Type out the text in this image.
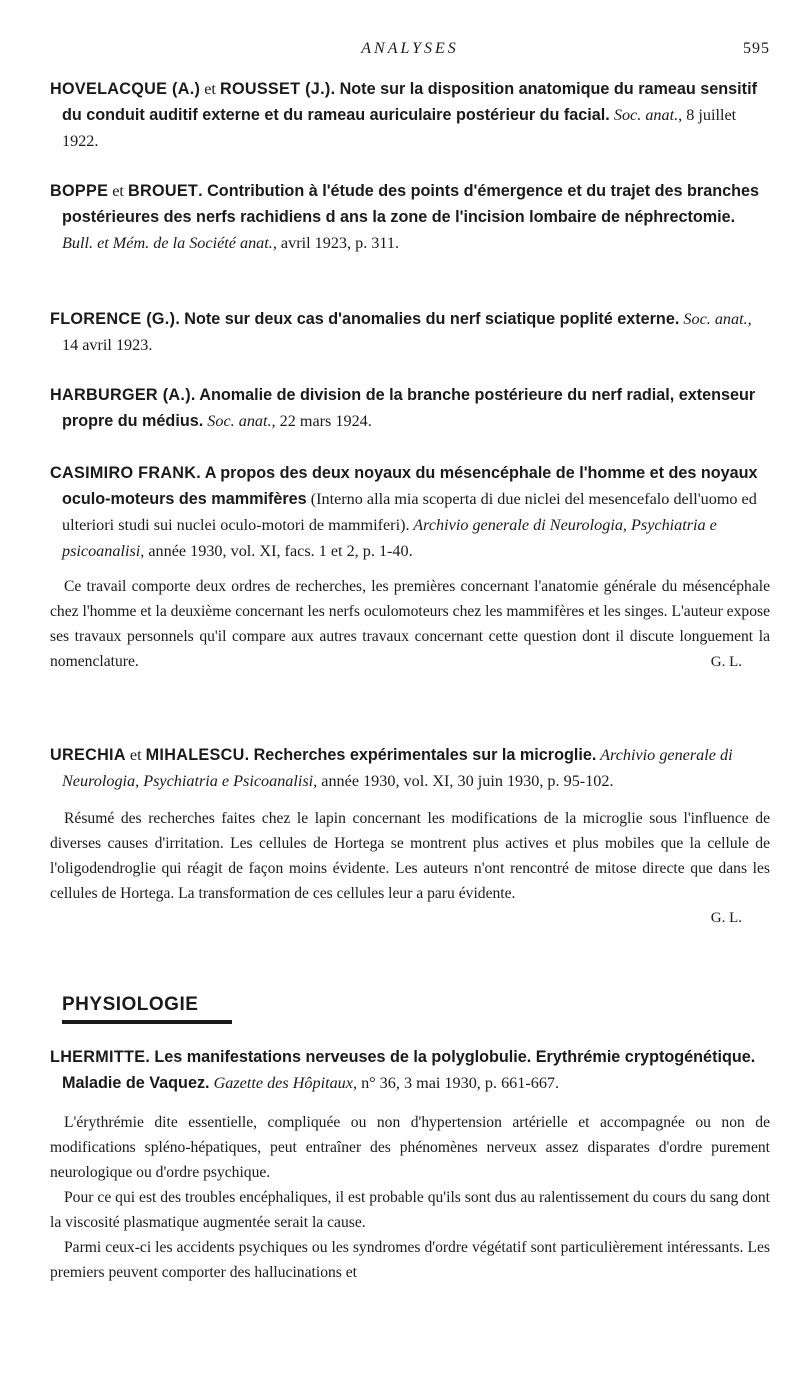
ANALYSES	595

HOVELACQUE (A.) et ROUSSET (J.). Note sur la disposition anatomique du rameau sensitif du conduit auditif externe et du rameau auriculaire postérieur du facial. Soc. anat., 8 juillet 1922.

BOPPE et BROUET. Contribution à l'étude des points d'émergence et du trajet des branches postérieures des nerfs rachidiens d ans la zone de l'incision lombaire de néphrectomie. Bull. et Mém. de la Société anat., avril 1923, p. 311.

FLORENCE (G.). Note sur deux cas d'anomalies du nerf sciatique poplité externe. Soc. anat., 14 avril 1923.

HARBURGER (A.). Anomalie de division de la branche postérieure du nerf radial, extenseur propre du médius. Soc. anat., 22 mars 1924.

CASIMIRO FRANK. A propos des deux noyaux du mésencéphale de l'homme et des noyaux oculo-moteurs des mammifères (Interno alla mia scoperta di due niclei del mesencefalo dell'uomo ed ulteriori studi sui nuclei oculo-motori de mammiferi). Archivio generale di Neurologia, Psychiatria e psicoanalisi, année 1930, vol. XI, facs. 1 et 2, p. 1-40.

Ce travail comporte deux ordres de recherches, les premières concernant l'anatomie générale du mésencéphale chez l'homme et la deuxième concernant les nerfs oculomoteurs chez les mammifères et les singes. L'auteur expose ses travaux personnels qu'il compare aux autres travaux concernant cette question dont il discute longuement la nomenclature.	G. L.

URECHIA et MIHALESCU. Recherches expérimentales sur la microglie. Archivio generale di Neurologia, Psychiatria e Psicoanalisi, année 1930, vol. XI, 30 juin 1930, p. 95-102.

Résumé des recherches faites chez le lapin concernant les modifications de la microglie sous l'influence de diverses causes d'irritation. Les cellules de Hortega se montrent plus actives et plus mobiles que la cellule de l'oligodendroglie qui réagit de façon moins évidente. Les auteurs n'ont rencontré de mitose directe que dans les cellules de Hortega. La transformation de ces cellules leur a paru évidente.

G. L.

PHYSIOLOGIE

LHERMITTE. Les manifestations nerveuses de la polyglobulie. Erythrémie cryptogénétique. Maladie de Vaquez. Gazette des Hôpitaux, n° 36, 3 mai 1930, p. 661-667.

L'érythrémie dite essentielle, compliquée ou non d'hypertension artérielle et accompagnée ou non de modifications spléno-hépatiques, peut entraîner des phénomènes nerveux assez disparates d'ordre purement neurologique ou d'ordre psychique.

Pour ce qui est des troubles encéphaliques, il est probable qu'ils sont dus au ralentissement du cours du sang dont la viscosité plasmatique augmentée serait la cause.

Parmi ceux-ci les accidents psychiques ou les syndromes d'ordre végétatif sont particulièrement intéressants. Les premiers peuvent comporter des hallucinations et
